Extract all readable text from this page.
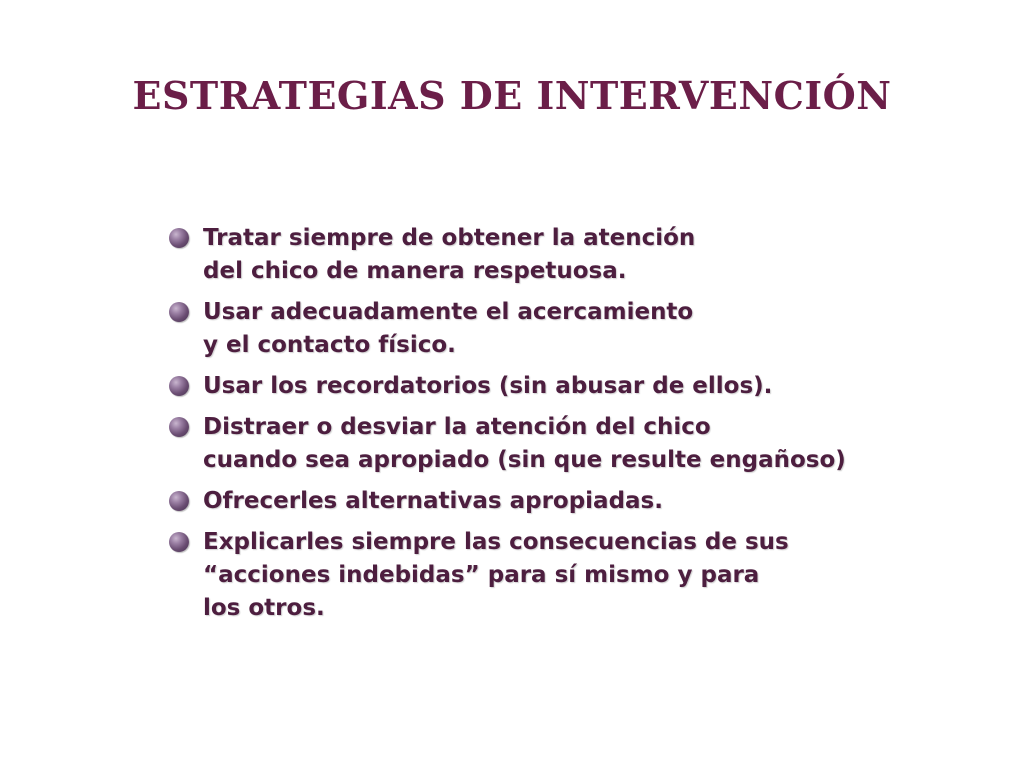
ESTRATEGIAS DE INTERVENCIÓN
Tratar siempre de obtener la atención
del chico de manera respetuosa.
Usar adecuadamente el acercamiento
y el contacto físico.
Usar los recordatorios (sin abusar de ellos).
Distraer o desviar la atención del chico
cuando sea apropiado (sin que resulte engañoso)
Ofrecerles alternativas apropiadas.
Explicarles siempre las consecuencias de sus
“acciones indebidas” para sí mismo y para
los otros.
